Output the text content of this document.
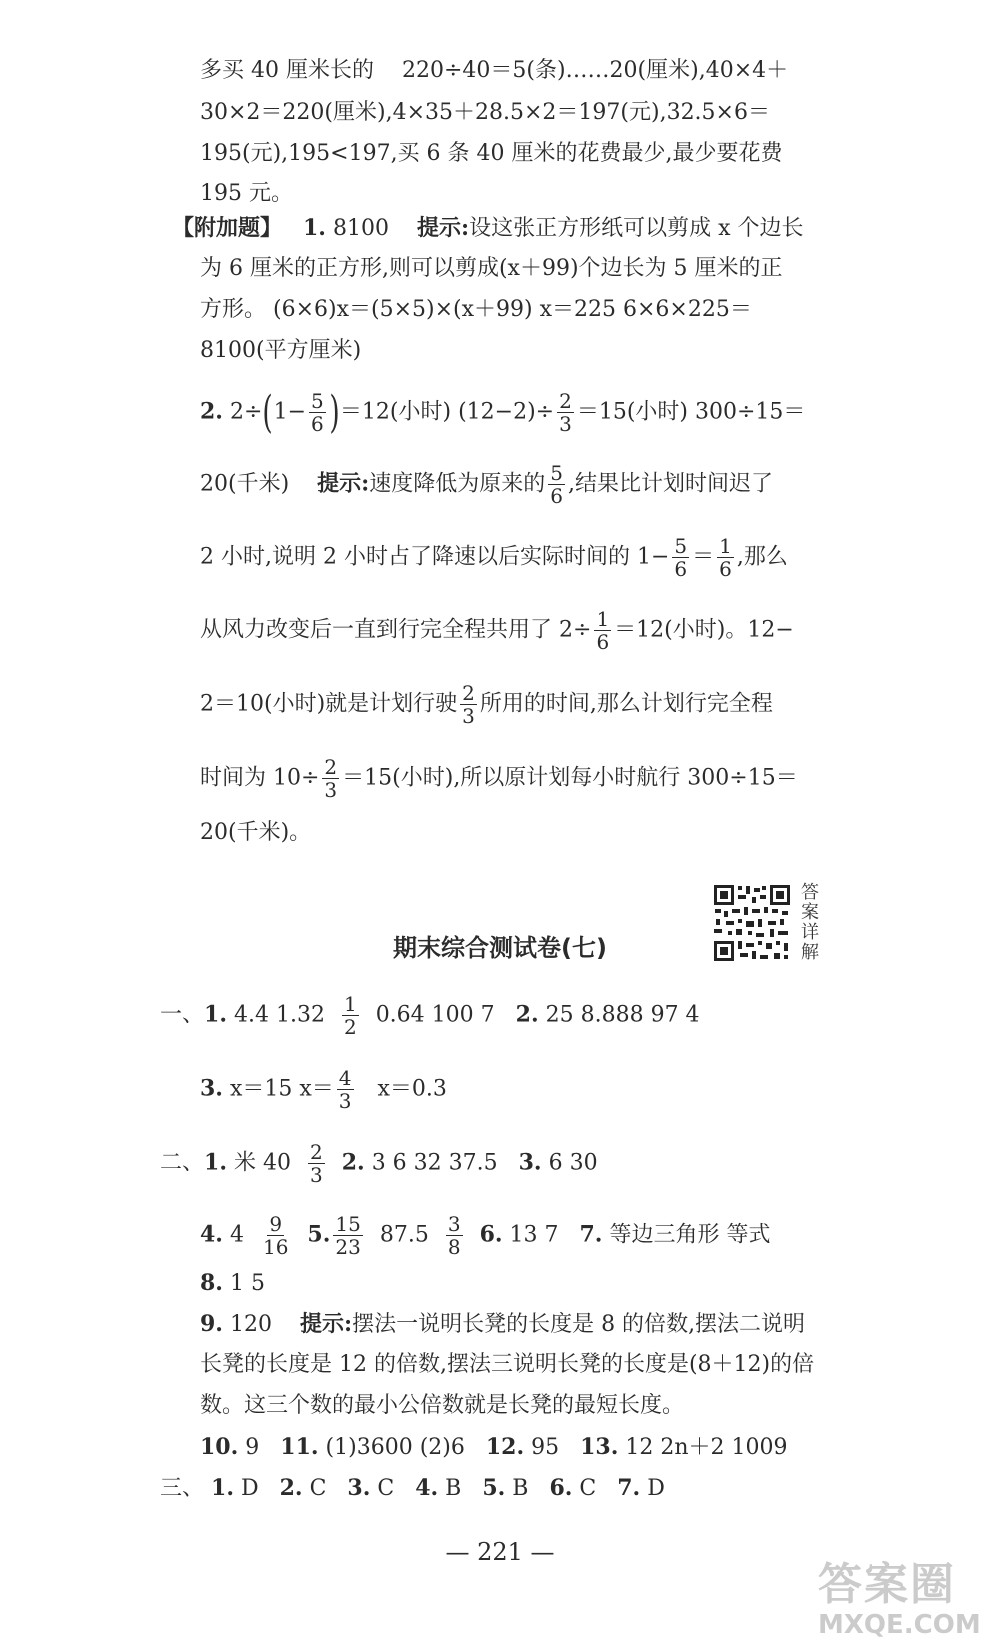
多买 40 厘米长的 220÷40＝5(条)……20(厘米),40×4＋
30×2＝220(厘米),4×35＋28.5×2＝197(元),32.5×6＝
195(元),195<197,买 6 条 40 厘米的花费最少,最少要花费
195 元。
【附加题】 1. 8100 提示:设这张正方形纸可以剪成 x 个边长
为 6 厘米的正方形,则可以剪成(x＋99)个边长为 5 厘米的正
方形。 (6×6)x＝(5×5)×(x＋99) x＝225 6×6×225＝
8100(平方厘米)
2. $2\div(1- \frac{5}{6} )=12$(小时) $(12-2)\div \frac{2}{3} =15$(小时) 300÷15＝
20(千米) 提示:速度降低为原来的 $\frac{5}{6}$ ,结果比计划时间迟了
2 小时,说明 2 小时占了降速以后实际时间的 $1- \frac{5}{6} = \frac{1}{6}$ ,那么
从风力改变后一直到行完全程共用了 $2\div \frac{1}{6} =12$(小时)。12−
2＝10(小时)就是计划行驶 $\frac{2}{3}$ 所用的时间,那么计划行完全程
时间为 $10\div \frac{2}{3} =15$(小时),所以原计划每小时航行 300÷15＝
20(千米)。
期末综合测试卷(七)
答
案
详
解
一、1. 4.4 $1.32 \frac{1}{2} 0.64$ 100 7 2. 25 8.888 97 4
3. x＝15 $x= \frac{4}{3} x=0.3$
二、1. 米 $40 \frac{2}{3} 2$. 3 6 32 37.5 3. 6 30
4. $4 \frac{9}{16} 5$. $\frac{15}{23} 87.5 \frac{3}{8} 6$. 13 7 7. 等边三角形 等式
8. 1 5
9. 120 提示:摆法一说明长凳的长度是 8 的倍数,摆法二说明
长凳的长度是 12 的倍数,摆法三说明长凳的长度是(8＋12)的倍
数。这三个数的最小公倍数就是长凳的最短长度。
10. 9 11. (1)3600 (2)6 12. 95 13. 12 2n＋2 1009
三、 1. D 2. C 3. C 4. B 5. B 6. C 7. D
— 221 —
答案圈
MXQE.COM
